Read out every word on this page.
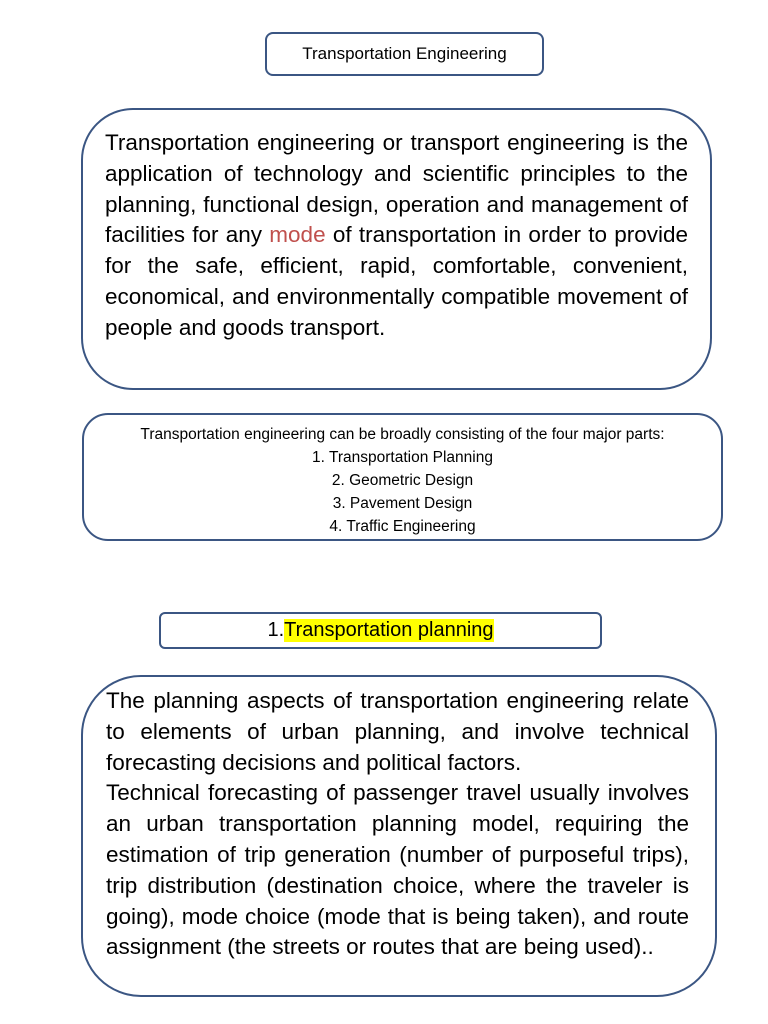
Transportation Engineering
Transportation engineering or transport engineering is the application of technology and scientific principles to the planning, functional design, operation and management of facilities for any mode of transportation in order to provide for the safe, efficient, rapid, comfortable, convenient, economical, and environmentally compatible movement of people and goods transport.
Transportation engineering can be broadly consisting of the four major parts:
1. Transportation Planning
2. Geometric Design
3. Pavement Design
4. Traffic Engineering
1. Transportation planning

The planning aspects of transportation engineering relate to elements of urban planning, and involve technical forecasting decisions and political factors.

Technical forecasting of passenger travel usually involves an urban transportation planning model, requiring the estimation of trip generation (number of purposeful trips), trip distribution (destination choice, where the traveler is going), mode choice (mode that is being taken), and route assignment (the streets or routes that are being used)..
